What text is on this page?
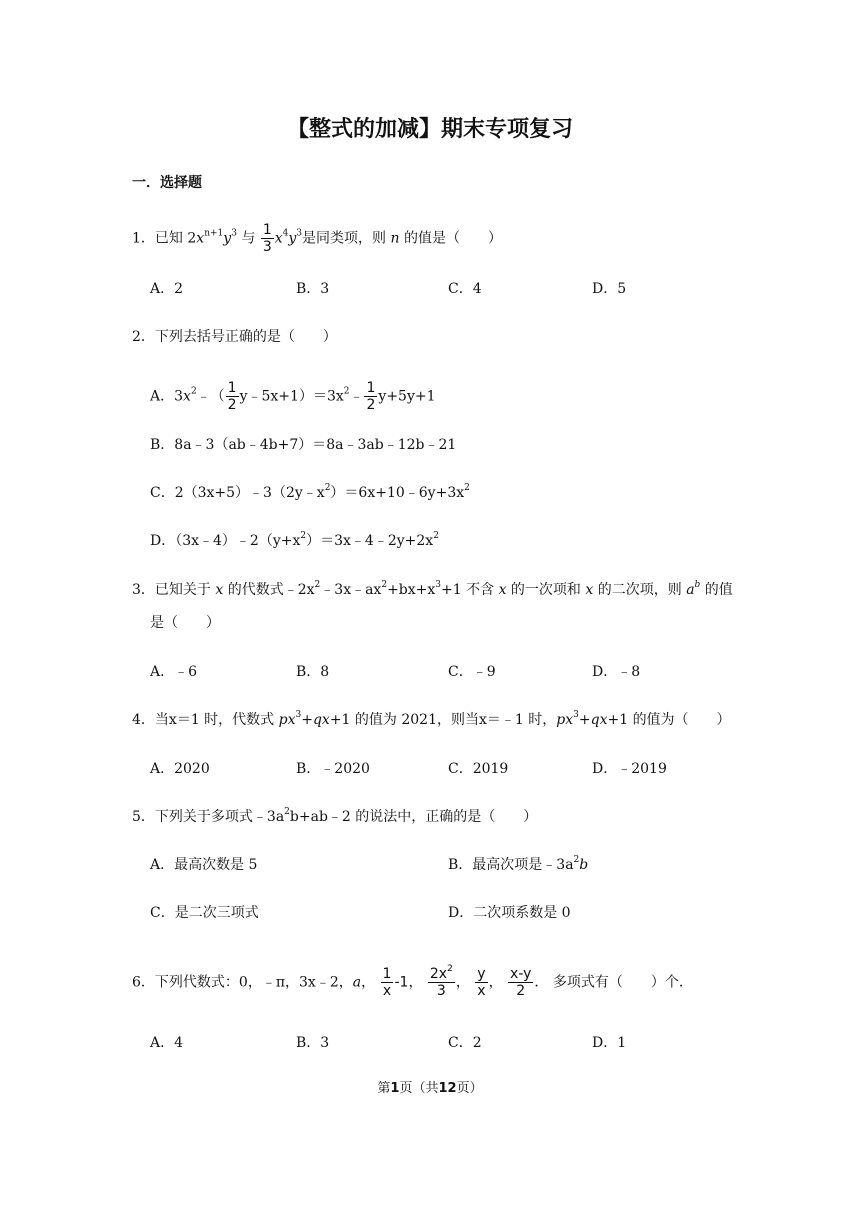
【整式的加减】期末专项复习
一．选择题
1．已知 $2x^{n+1}y^3$ 与 $\frac{1}{3} x^4y^3$是同类项，则 n 的值是（　　）
A．2	B．3	C．4	D．5
2．下列去括号正确的是（　　）
A．$3x^2﹣( \frac{1}{2}$ $y﹣5x+1)=3x^2﹣ \frac{1}{2} y+5y+1$
B．8a﹣3（ab﹣4b+7）＝8a﹣3ab﹣12b﹣21
C．$2(3x+5)﹣3(2y﹣x^2)=6x+10﹣6y+3x^2$
D．$(3x﹣4)﹣2(y+x^2)=3x﹣4﹣2y+2x^2$
3．已知关于 x 的代数式$﹣2x^2﹣3x﹣ax^2+bx+x^3+1$ 不含 x 的一次项和 x 的二次项，则 $a^b$ 的值
是（　　）
A．﹣6	B．8	C．﹣9	D．﹣8
4．当x＝1 时，代数式 $px^3+qx+1$ 的值为 2021，则当x＝﹣1 时，$px^3+qx+1$ 的值为（　　）
A．2020	B．﹣2020	C．2019	D．﹣2019
5．下列关于多项式$﹣3a^2b+ab﹣2$ 的说法中，正确的是（　　）
A．最高次数是 5	B．最高次项是$﹣3a^2b$
C．是二次三项式	D．二次项系数是 0
6．下列代数式：0，﹣π，3x﹣2，a， $\frac{1}{x} -1$， $\frac{2x^2}{3}$ ， $\frac{y}{x}$ ， $\frac{x-y}{2}$ ． 多项式有（　　）个．
A．4	B．3	C．2	D．1
第1页（共12页）
